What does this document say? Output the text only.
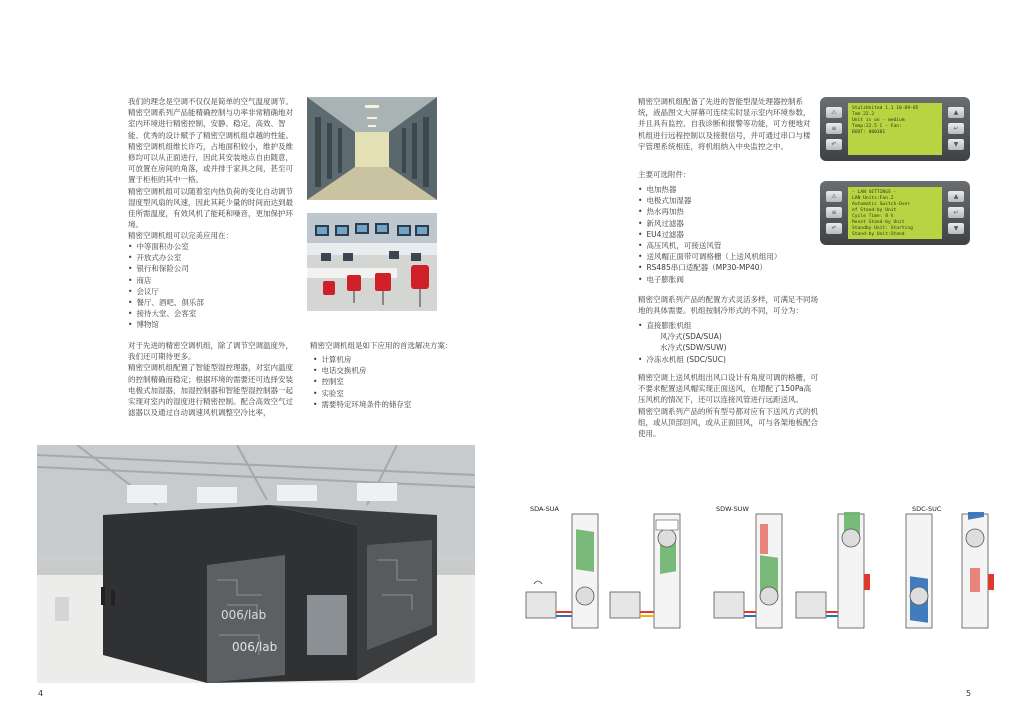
我们的理念是空调不仅仅是简单的空气温度调节。精密空调系列产品能精确控制与功率非常精确地对室内环境进行精密控制，安静、稳定、高效、智能、优秀的设计赋予了精密空调机组卓越的性能。
精密空调机组维长许巧，占地面积较小，维护及维修均可以从正面进行，因此其安装地点自由随意，可放置在房间的角落，或并排于家具之间，甚至可置于柜柜的其中一格。
精密空调机组可以随着室内热负荷的变化自动调节湿度型风扇的风速，因此其耗少量的时间而达到最佳所需温度，有效风机了能耗和噪音，更加保护环境。
精密空调机组可以完美应用在：
• 中等面积办公室
• 开放式办公室
• 银行和保险公司
• 商店
• 会议厅
• 餐厅、酒吧、俱乐部
• 接待大堂、会客室
• 博物馆
对于先进的精密空调机组，除了调节空调温度外，我们还可期待更多。
精密空调机组配置了智能型湿控理器，对室内温度的控制精确而稳定；根据环境的需要还可选择安装电极式加湿器，加湿控制器和智能型湿控制器一起实现对室内的湿度进行精密控制。配合高效空气过滤器以及通过自动调速风机调整空冷比率，
精密空调机组是如下应用的首选解决方案：
• 计算机房
• 电话交换机房
• 控制室
• 实验室
• 需要特定环境条件的储存室
006/lab
006/lab
4
精密空调机组配备了先进的智能型湿处理器控制系统，液晶图文大屏幕可连续实时显示室内环境参数，并且具有监控、自我诊断和报警等功能，可方便地对机组进行远程控制以及接报信号，并可通过串口与楼宇管理系统相连，将机组纳入中央监控之中。
主要可选附件：
• 电加热器
• 电极式加湿器
• 热水再加热
• 新风过滤器
• EU4过滤器
• 高压风机，可接送风管
• 送风帽正面带可调格栅（上送风机组用）
• RS485串口适配器（MP30-MP40）
• 电子膨胀阀
精密空调系列产品的配置方式灵活多样，可满足不同场地的具体需要。机组按制冷形式的不同，可分为：
• 直接膨胀机组
风冷式(SDA/SUA)
水冷式(SDW/SUW)
• 冷冻水机组 (SDC/SUC)
精密空调上送风机组出风口设计有角度可调的格栅，可不要求配置送风帽实现正面送风，在增配了150Pa高压风机的情况下，还可以连接风管进行远距送风。
精密空调系列产品的所有型号都对应有下送风方式的机组，或从顶部回风，或从正面回风，可与各架地板配合使用。
⚠
≡
↶
StulzUnited 1.1 18-09-05
Tem 22.2
Unit is on - medium
Temp:22.5 C - Fan:
BOOT: 000381
▲
↵
▼
⚠
≡
↶
- LAN SETTINGS -
LAN Units:Fan.2
Automatic Switch-Over
of Stand-by Unit
Cycle Time: 8 h
Reset Stand-by Unit
Standby Unit: Starting
Stand-by Unit:Stand
▲
↵
▼
SDA-SUA	SDW-SUW	SDC-SUC
5
